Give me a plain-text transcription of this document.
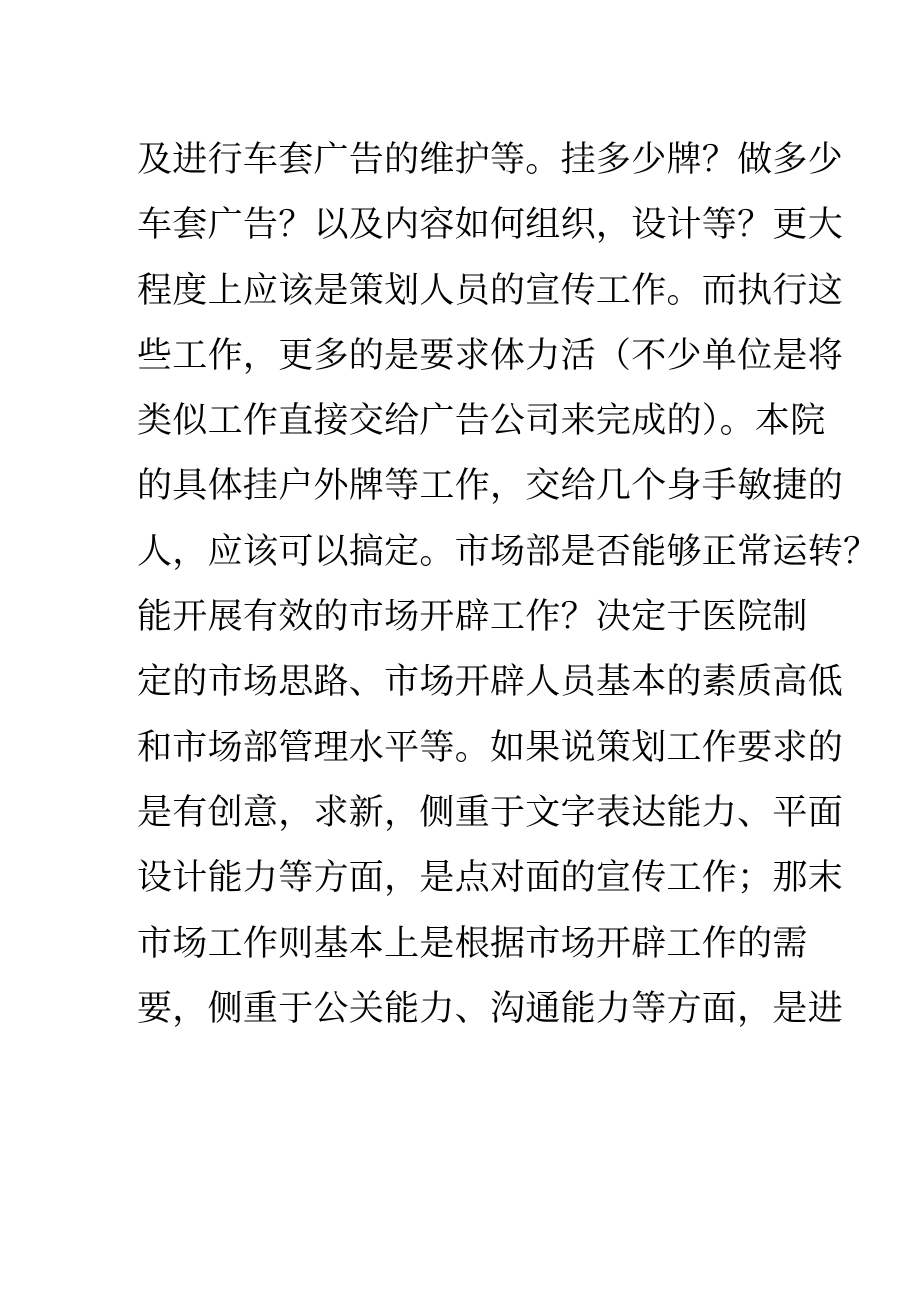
及进行车套广告的维护等。挂多少牌？做多少
车套广告？以及内容如何组织，设计等？更大
程度上应该是策划人员的宣传工作。而执行这
些工作，更多的是要求体力活（不少单位是将
类似工作直接交给广告公司来完成的）。本院
的具体挂户外牌等工作，交给几个身手敏捷的
人，应该可以搞定。市场部是否能够正常运转？
能开展有效的市场开辟工作？决定于医院制
定的市场思路、市场开辟人员基本的素质高低
和市场部管理水平等。如果说策划工作要求的
是有创意，求新，侧重于文字表达能力、平面
设计能力等方面，是点对面的宣传工作；那末
市场工作则基本上是根据市场开辟工作的需
要，侧重于公关能力、沟通能力等方面，是进
